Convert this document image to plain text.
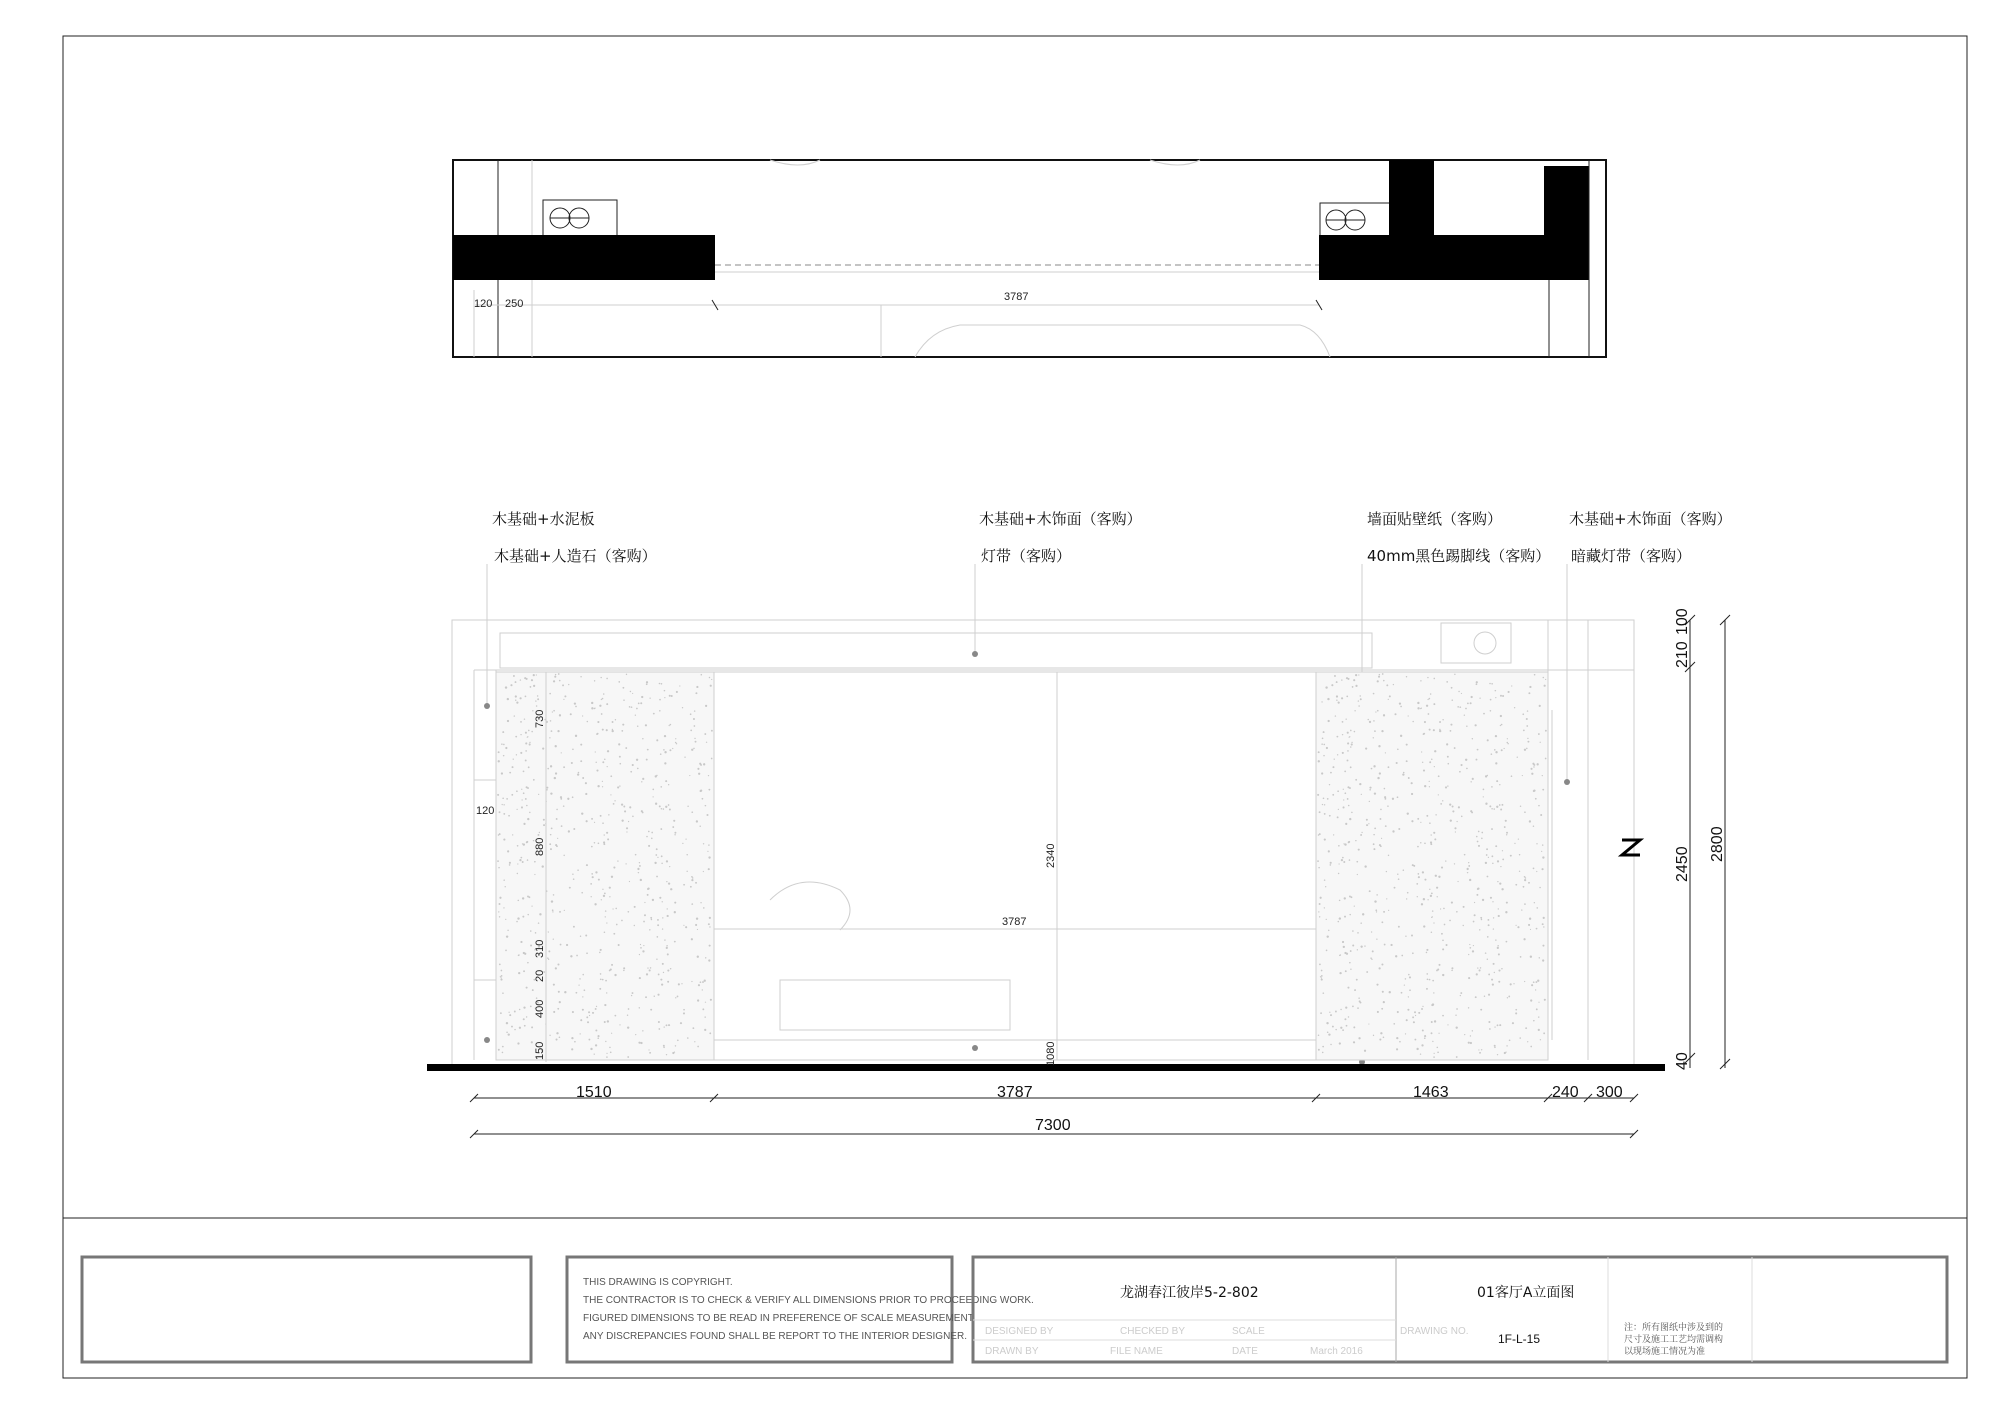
120 250
3787
木基础+水泥板
木基础+人造石（客购）
木基础+木饰面（客购）
灯带（客购）
墙面贴壁纸（客购）
40mm黑色踢脚线（客购）
木基础+木饰面（客购）
暗藏灯带（客购）
730
880
310
20
400
150
120
2340
3787
1080
100
210
2450
2800
40
1510	3787	1463	240 300
7300
THIS DRAWING IS COPYRIGHT.
THE CONTRACTOR IS TO CHECK & VERIFY ALL DIMENSIONS PRIOR TO PROCEEDING WORK.
FIGURED DIMENSIONS TO BE READ IN PREFERENCE OF SCALE MEASUREMENT.
ANY DISCREPANCIES FOUND SHALL BE REPORT TO THE INTERIOR DESIGNER.
龙湖春江彼岸5-2-802	01客厅A立面图
1F-L-15
DESIGNED BY	CHECKED BY	SCALE
DRAWN BY	FILE NAME	DATE	March 2016
DRAWING NO.	注：所有图纸中涉及到的
尺寸及施工工艺均需调构
以现场施工情况为准
